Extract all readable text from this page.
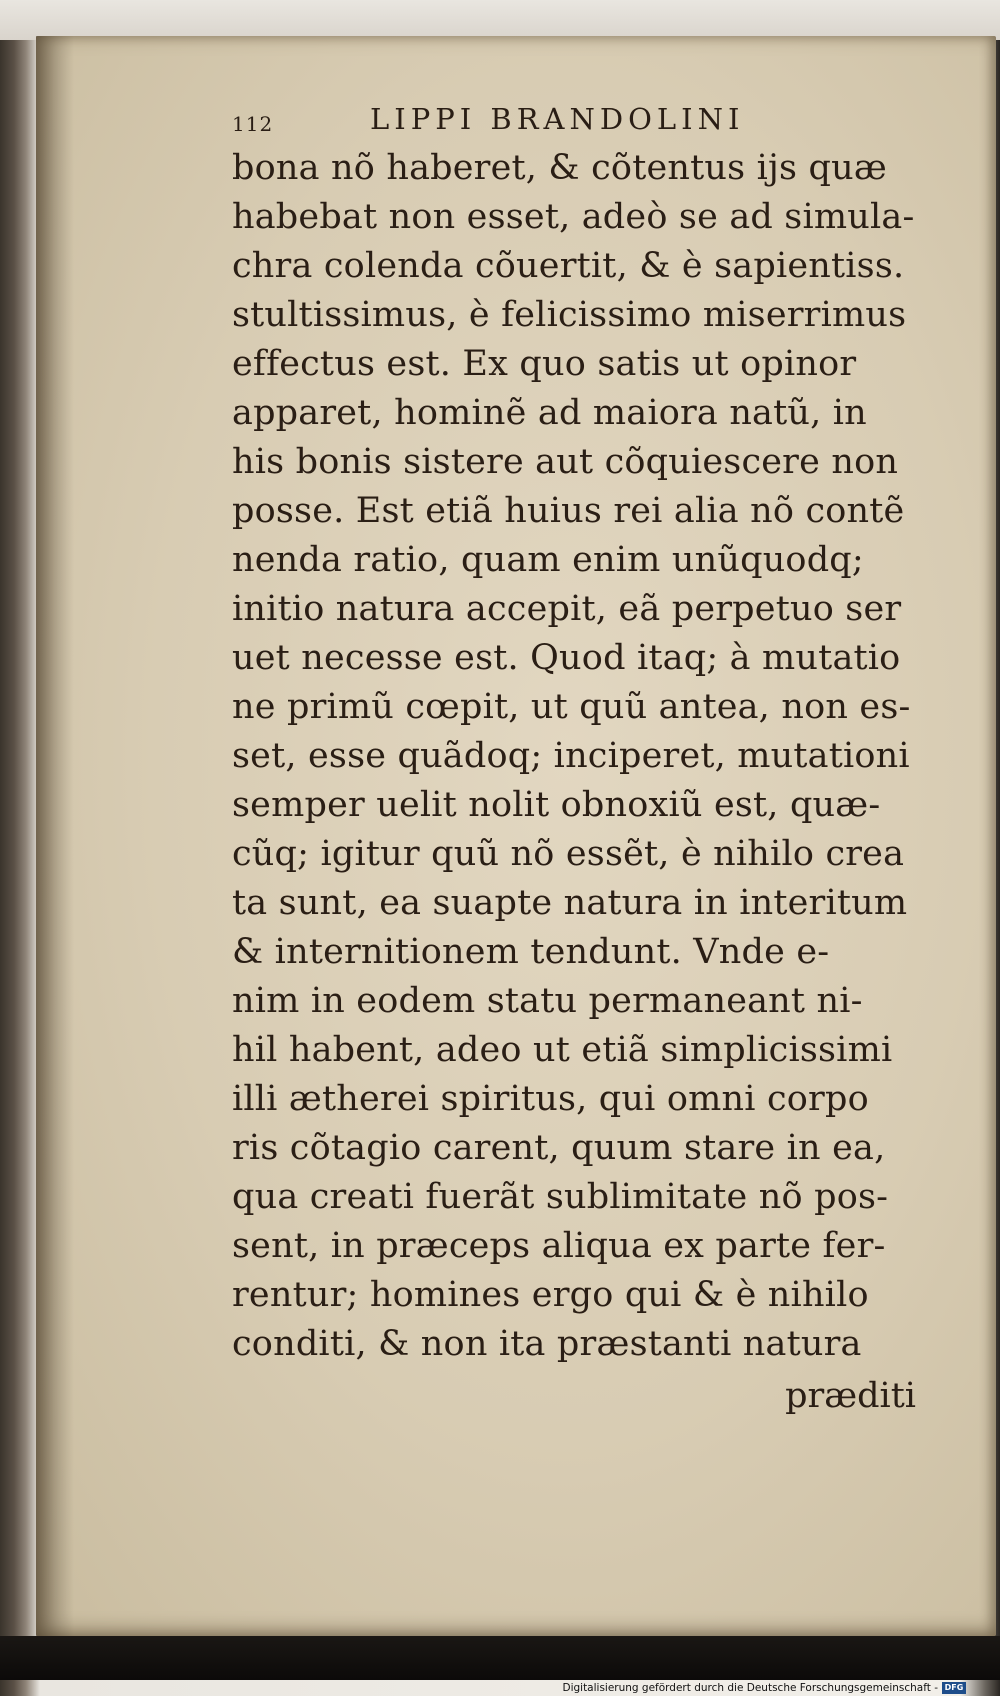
112	LIPPI BRANDOLINI
bona nõ haberet, & cõtentus ijs quæ
habebat non esset, adeò se ad simula-
chra colenda cõuertit, & è sapientiss.
stultissimus, è felicissimo miserrimus
effectus est. Ex quo satis ut opinor
apparet, hominẽ ad maiora natũ, in
his bonis sistere aut cõquiescere non
posse. Est etiã huius rei alia nõ contẽ
nenda ratio, quam enim unũquodq;
initio natura accepit, eã perpetuo ser
uet necesse est. Quod itaq; à mutatio
ne primũ cœpit, ut quũ antea, non es-
set, esse quãdoq; inciperet, mutationi
semper uelit nolit obnoxiũ est, quæ-
cũq; igitur quũ nõ essẽt, è nihilo crea
ta sunt, ea suapte natura in interitum
& internitionem tendunt. Vnde e-
nim in eodem statu permaneant ni-
hil habent, adeo ut etiã simplicissimi
illi ætherei spiritus, qui omni corpo
ris cõtagio carent, quum stare in ea,
qua creati fuerãt sublimitate nõ pos-
sent, in præceps aliqua ex parte fer-
rentur; homines ergo qui & è nihilo
conditi, & non ita præstanti natura
præditi
Digitalisierung gefördert durch die Deutsche Forschungsgemeinschaft - DFG
